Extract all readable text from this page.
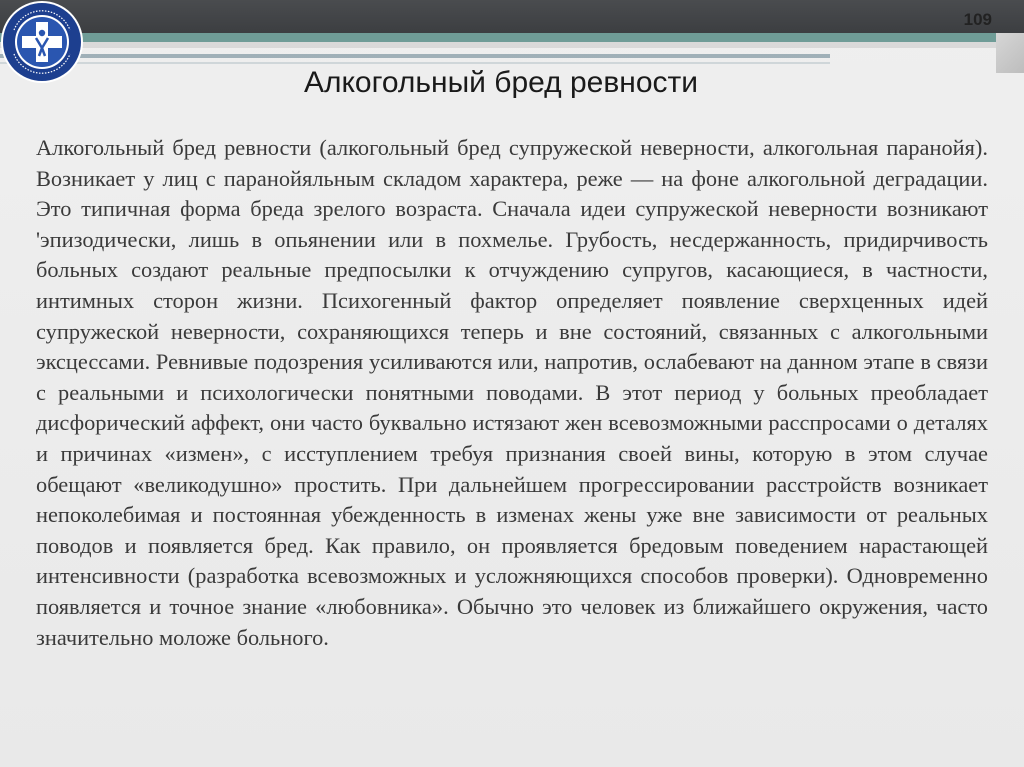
109
Алкогольный бред ревности
Алкогольный бред ревности (алкогольный бред супружеской неверности, алкогольная паранойя). Возникает у лиц с паранойяльным складом характера, реже — на фоне алкогольной деградации. Это типичная форма бреда зрелого возраста. Сначала идеи супружеской неверности возникают 'эпизодически, лишь в опьянении или в похмелье. Грубость, несдержанность, придирчивость больных создают реальные предпосылки к отчуждению супругов, касающиеся, в частности, интимных сторон жизни. Психогенный фактор определяет появление сверхценных идей супружеской неверности, сохраняющихся теперь и вне состояний, связанных с алкогольными эксцессами. Ревнивые подозрения усиливаются или, напротив, ослабевают на данном этапе в связи с реальными и психологически понятными поводами. В этот период у больных преобладает дисфорический аффект, они часто буквально истязают жен всевозможными расспросами о деталях и причинах «измен», с исступлением требуя признания своей вины, которую в этом случае обещают «великодушно» простить. При дальнейшем прогрессировании расстройств возникает непоколебимая и постоянная убежденность в изменах жены уже вне зависимости от реальных поводов и появляется бред. Как правило, он проявляется бредовым поведением нарастающей интенсивности (разработка всевозможных и усложняющихся способов проверки). Одновременно появляется и точное знание «любовника». Обычно это человек из ближайшего окружения, часто значительно моложе больного.
